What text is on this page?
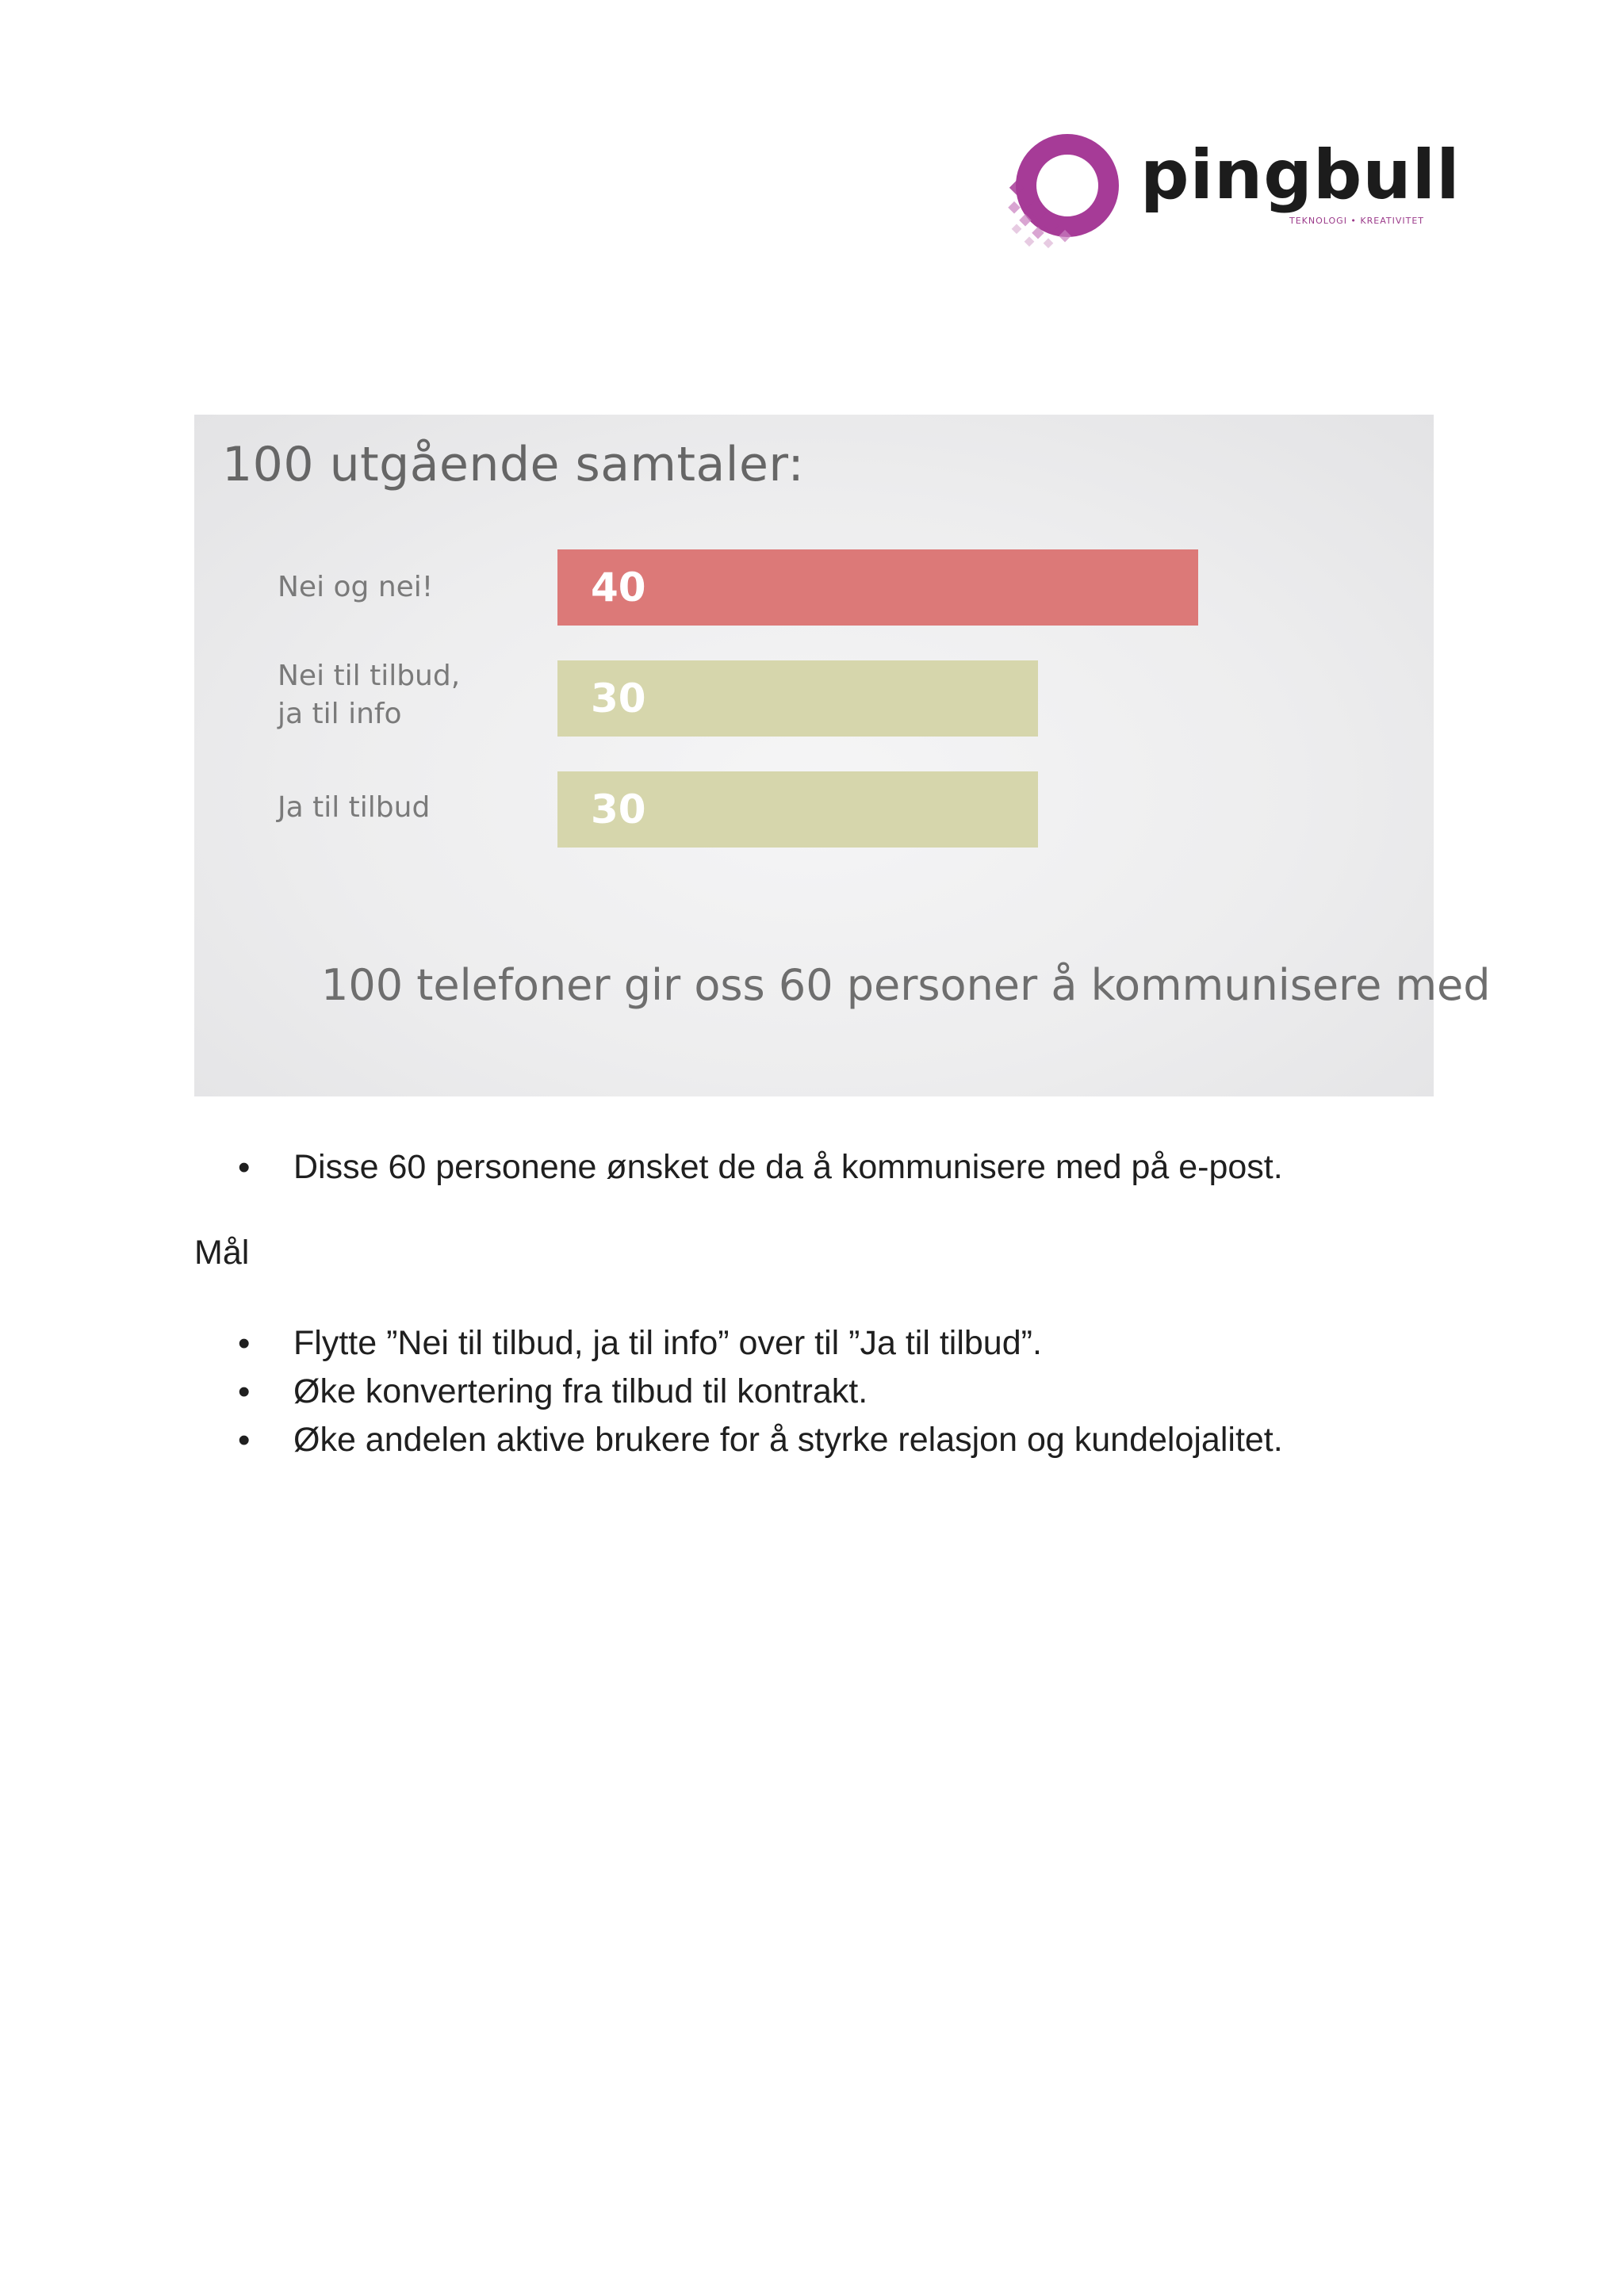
pingbull
TEKNOLOGI • KREATIVITET
100 utgående samtaler:
Nei og nei!	40
Nei til tilbud,
ja til info	30
Ja til tilbud	30
100 telefoner gir oss 60 personer å kommunisere med
• Disse 60 personene ønsket de da å kommunisere med på e-post.
Mål
• Flytte ”Nei til tilbud, ja til info” over til ”Ja til tilbud”.
• Øke konvertering fra tilbud til kontrakt.
• Øke andelen aktive brukere for å styrke relasjon og kundelojalitet.
